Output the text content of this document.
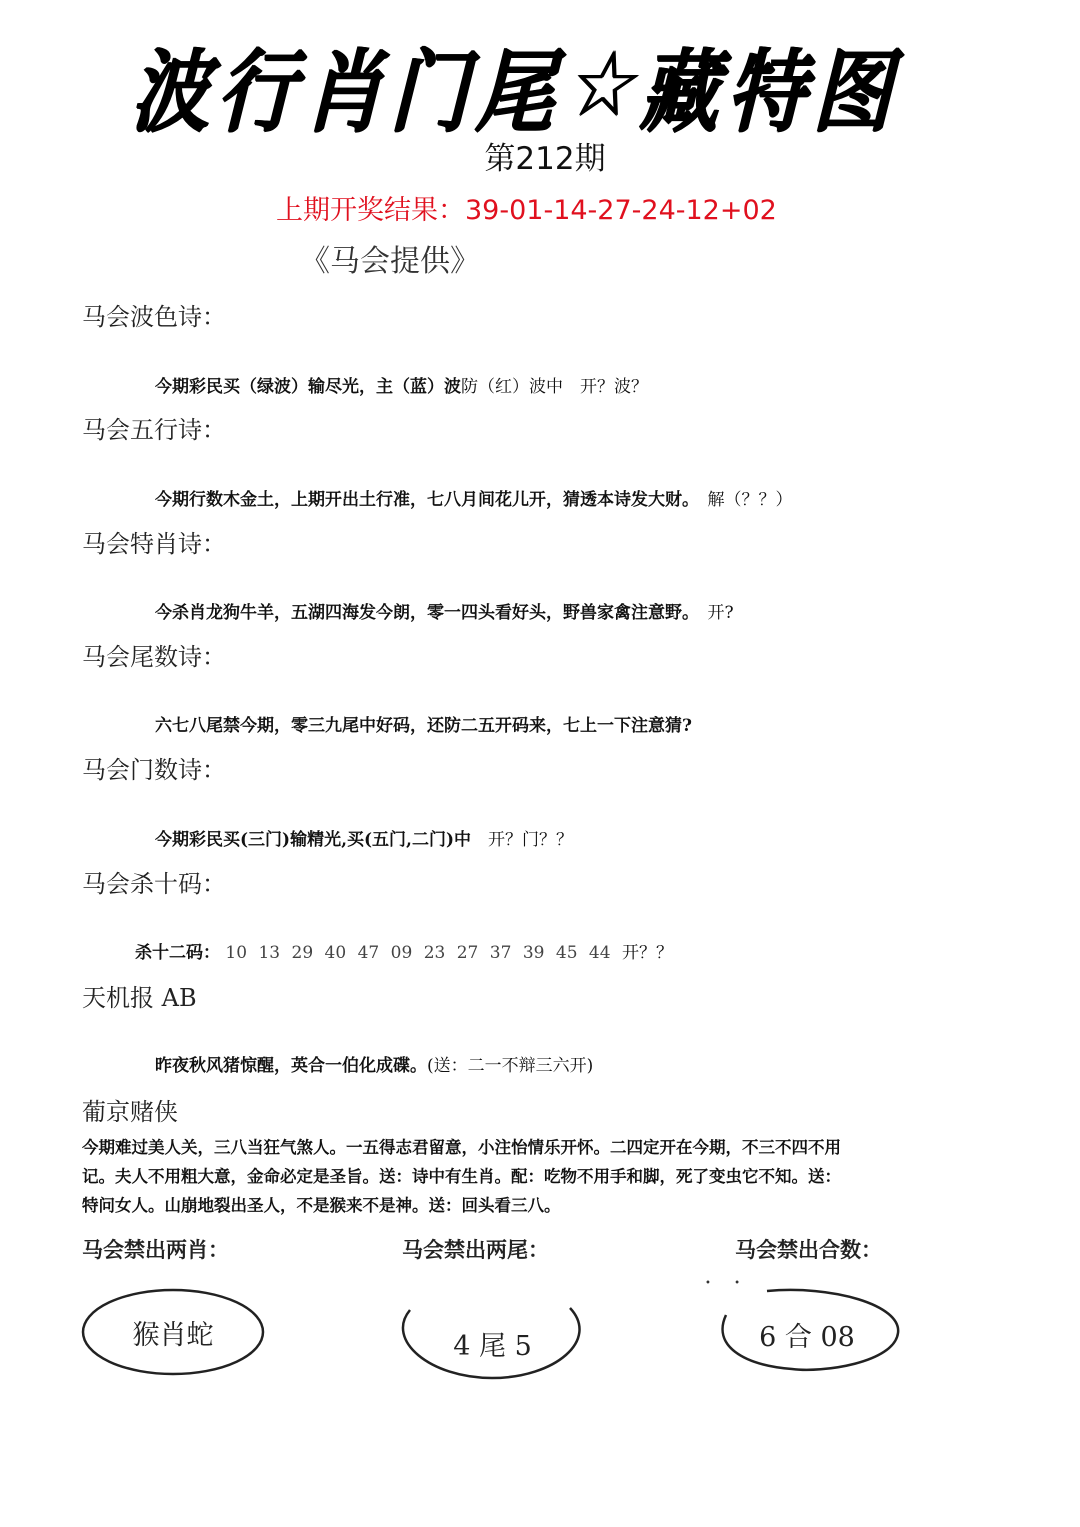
波
行
肖
门
尾
☆
藏
特
图
第212期
上期开奖结果：39-01-14-27-24-12+02
《马会提供》
马会波色诗：
今期彩民买（绿波）输尽光，主（蓝）波防（红）波中　开？波？
马会五行诗：
今期行数木金土，上期开出土行准，七八月间花儿开，猜透本诗发大财。　解（？？）
马会特肖诗：
今杀肖龙狗牛羊，五湖四海发今朗，零一四头看好头，野兽家禽注意野。　开?
马会尾数诗：
六七八尾禁今期，零三九尾中好码，还防二五开码来，七上一下注意猜?
马会门数诗：
今期彩民买(三门)输精光,买(五门,二门)中　开？门？？
马会杀十码：
杀十二码： 10 13 29 40 47 09 23 27 37 39 45 44 开？？
天机报 AB
昨夜秋风猪惊醒，英合一伯化成碟。(送：二一不辩三六开)
葡京赌侠
今期难过美人关，三八当狂气煞人。一五得志君留意，小注怡情乐开怀。二四定开在今期，不三不四不用
记。夫人不用粗大意，金命必定是圣旨。送：诗中有生肖。配：吃物不用手和脚，死了变虫它不知。送：
特问女人。山崩地裂出圣人，不是猴来不是神。送：回头看三八。
马会禁出两肖：	马会禁出两尾：	马会禁出合数：
• •
猴肖蛇	4 尾 5	6 合 08
